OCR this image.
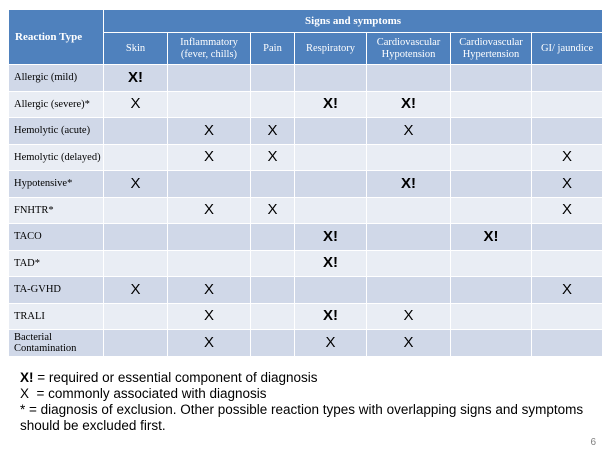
Reaction Type	Signs and symptoms						
	Skin	Inflammatory (fever, chills)	Pain	Respiratory	Cardiovascular Hypotension	Cardiovascular Hypertension	GI/ jaundice
Allergic (mild)	X!						
Allergic (severe)*	X			X!	X!		
Hemolytic (acute)		X	X		X		
Hemolytic (delayed)		X	X				X
Hypotensive*	X				X!		X
FNHTR*		X	X				X
TACO				X!		X!	
TAD*				X!			
TA-GVHD	X	X					X
TRALI		X		X!	X		
Bacterial Contamination		X		X	X		
X! = required or essential component of diagnosis
X  = commonly associated with diagnosis
* = diagnosis of exclusion. Other possible reaction types with overlapping signs and symptoms should be excluded first.
6
